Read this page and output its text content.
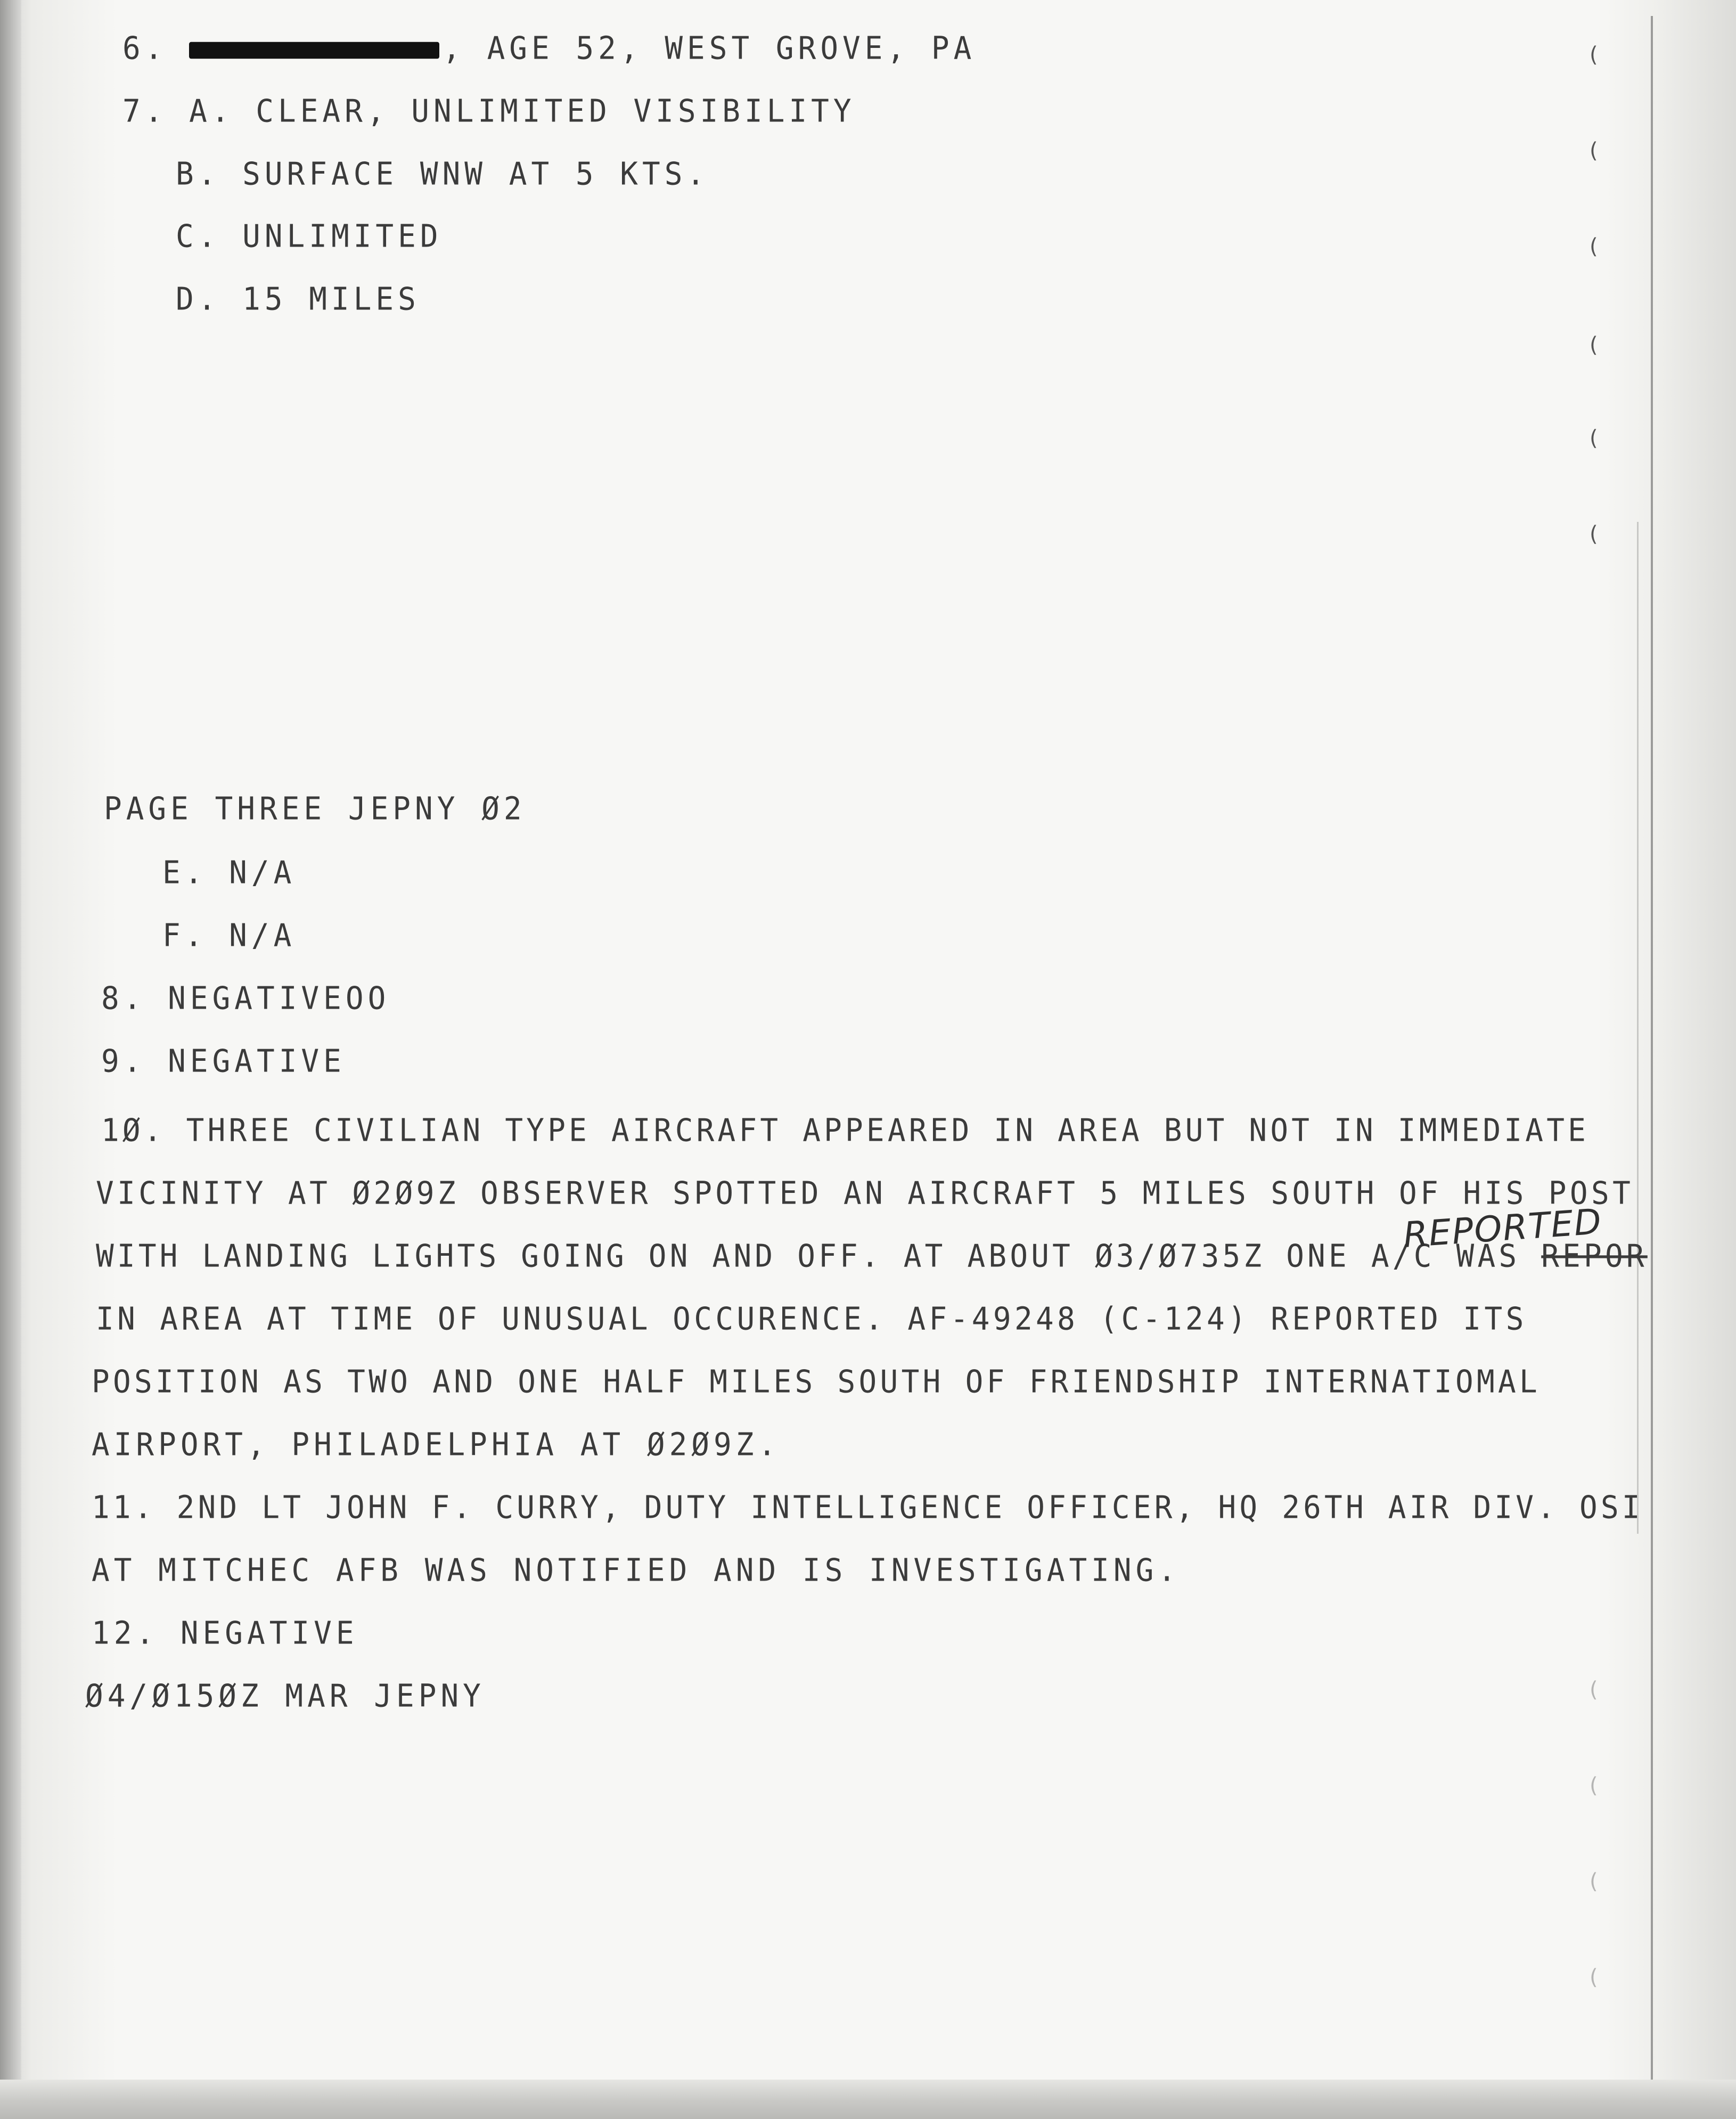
6.	, AGE 52, WEST GROVE, PA
7. A. CLEAR, UNLIMITED VISIBILITY
B. SURFACE WNW AT 5 KTS.
C. UNLIMITED
D. 15 MILES
PAGE THREE JEPNY Ø2
E. N/A
F. N/A
8. NEGATIVEOO
9. NEGATIVE
1Ø. THREE CIVILIAN TYPE AIRCRAFT APPEARED IN AREA BUT NOT IN IMMEDIATE
VICINITY AT Ø2Ø9Z OBSERVER SPOTTED AN AIRCRAFT 5 MILES SOUTH OF HIS POST
WITH LANDING LIGHTS GOING ON AND OFF. AT ABOUT Ø3/Ø735Z ONE A/C WAS REPOR
IN AREA AT TIME OF UNUSUAL OCCURENCE. AF-49248 (C-124) REPORTED ITS
POSITION AS TWO AND ONE HALF MILES SOUTH OF FRIENDSHIP INTERNATIOMAL
AIRPORT, PHILADELPHIA AT Ø2Ø9Z.
11. 2ND LT JOHN F. CURRY, DUTY INTELLIGENCE OFFICER, HQ 26TH AIR DIV. OSI
AT MITCHEC AFB WAS NOTIFIED AND IS INVESTIGATING.
12. NEGATIVE
Ø4/Ø15ØZ MAR JEPNY
REPORTED
(
(
(
(
(
(
(
(
(
(
